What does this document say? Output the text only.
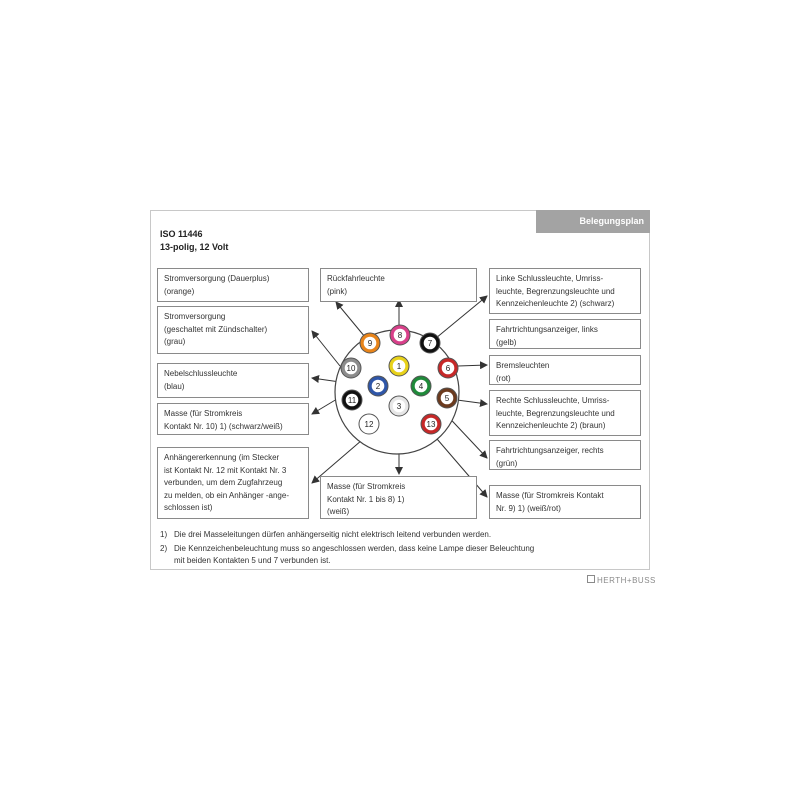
Belegungsplan
ISO 11446
13-polig, 12 Volt
1
2
3
4
5
6
7
8
9
10
11
12	13
Stromversorgung (Dauerplus)
(orange)
Stromversorgung
(geschaltet mit Zündschalter)
(grau)
Nebelschlussleuchte
(blau)
Masse (für Stromkreis
Kontakt Nr. 10) 1) (schwarz/weiß)
Anhängererkennung (im Stecker
ist Kontakt Nr. 12 mit Kontakt Nr. 3
verbunden, um dem Zugfahrzeug
zu melden, ob ein Anhänger -ange-
schlossen ist)
Rückfahrleuchte
(pink)
Masse (für Stromkreis
Kontakt Nr. 1 bis 8) 1)
(weiß)
Linke Schlussleuchte, Umriss-
leuchte, Begrenzungsleuchte und
Kennzeichenleuchte 2) (schwarz)
Fahrtrichtungsanzeiger, links
(gelb)
Bremsleuchten
(rot)
Rechte Schlussleuchte, Umriss-
leuchte, Begrenzungsleuchte und
Kennzeichenleuchte 2) (braun)
Fahrtrichtungsanzeiger, rechts
(grün)
Masse (für Stromkreis Kontakt
Nr. 9) 1) (weiß/rot)
1) Die drei Masseleitungen dürfen anhängerseitig nicht elektrisch leitend verbunden werden.
2) Die Kennzeichenbeleuchtung muss so angeschlossen werden, dass keine Lampe dieser Beleuchtung
mit beiden Kontakten 5 und 7 verbunden ist.
HERTH+BUSS
